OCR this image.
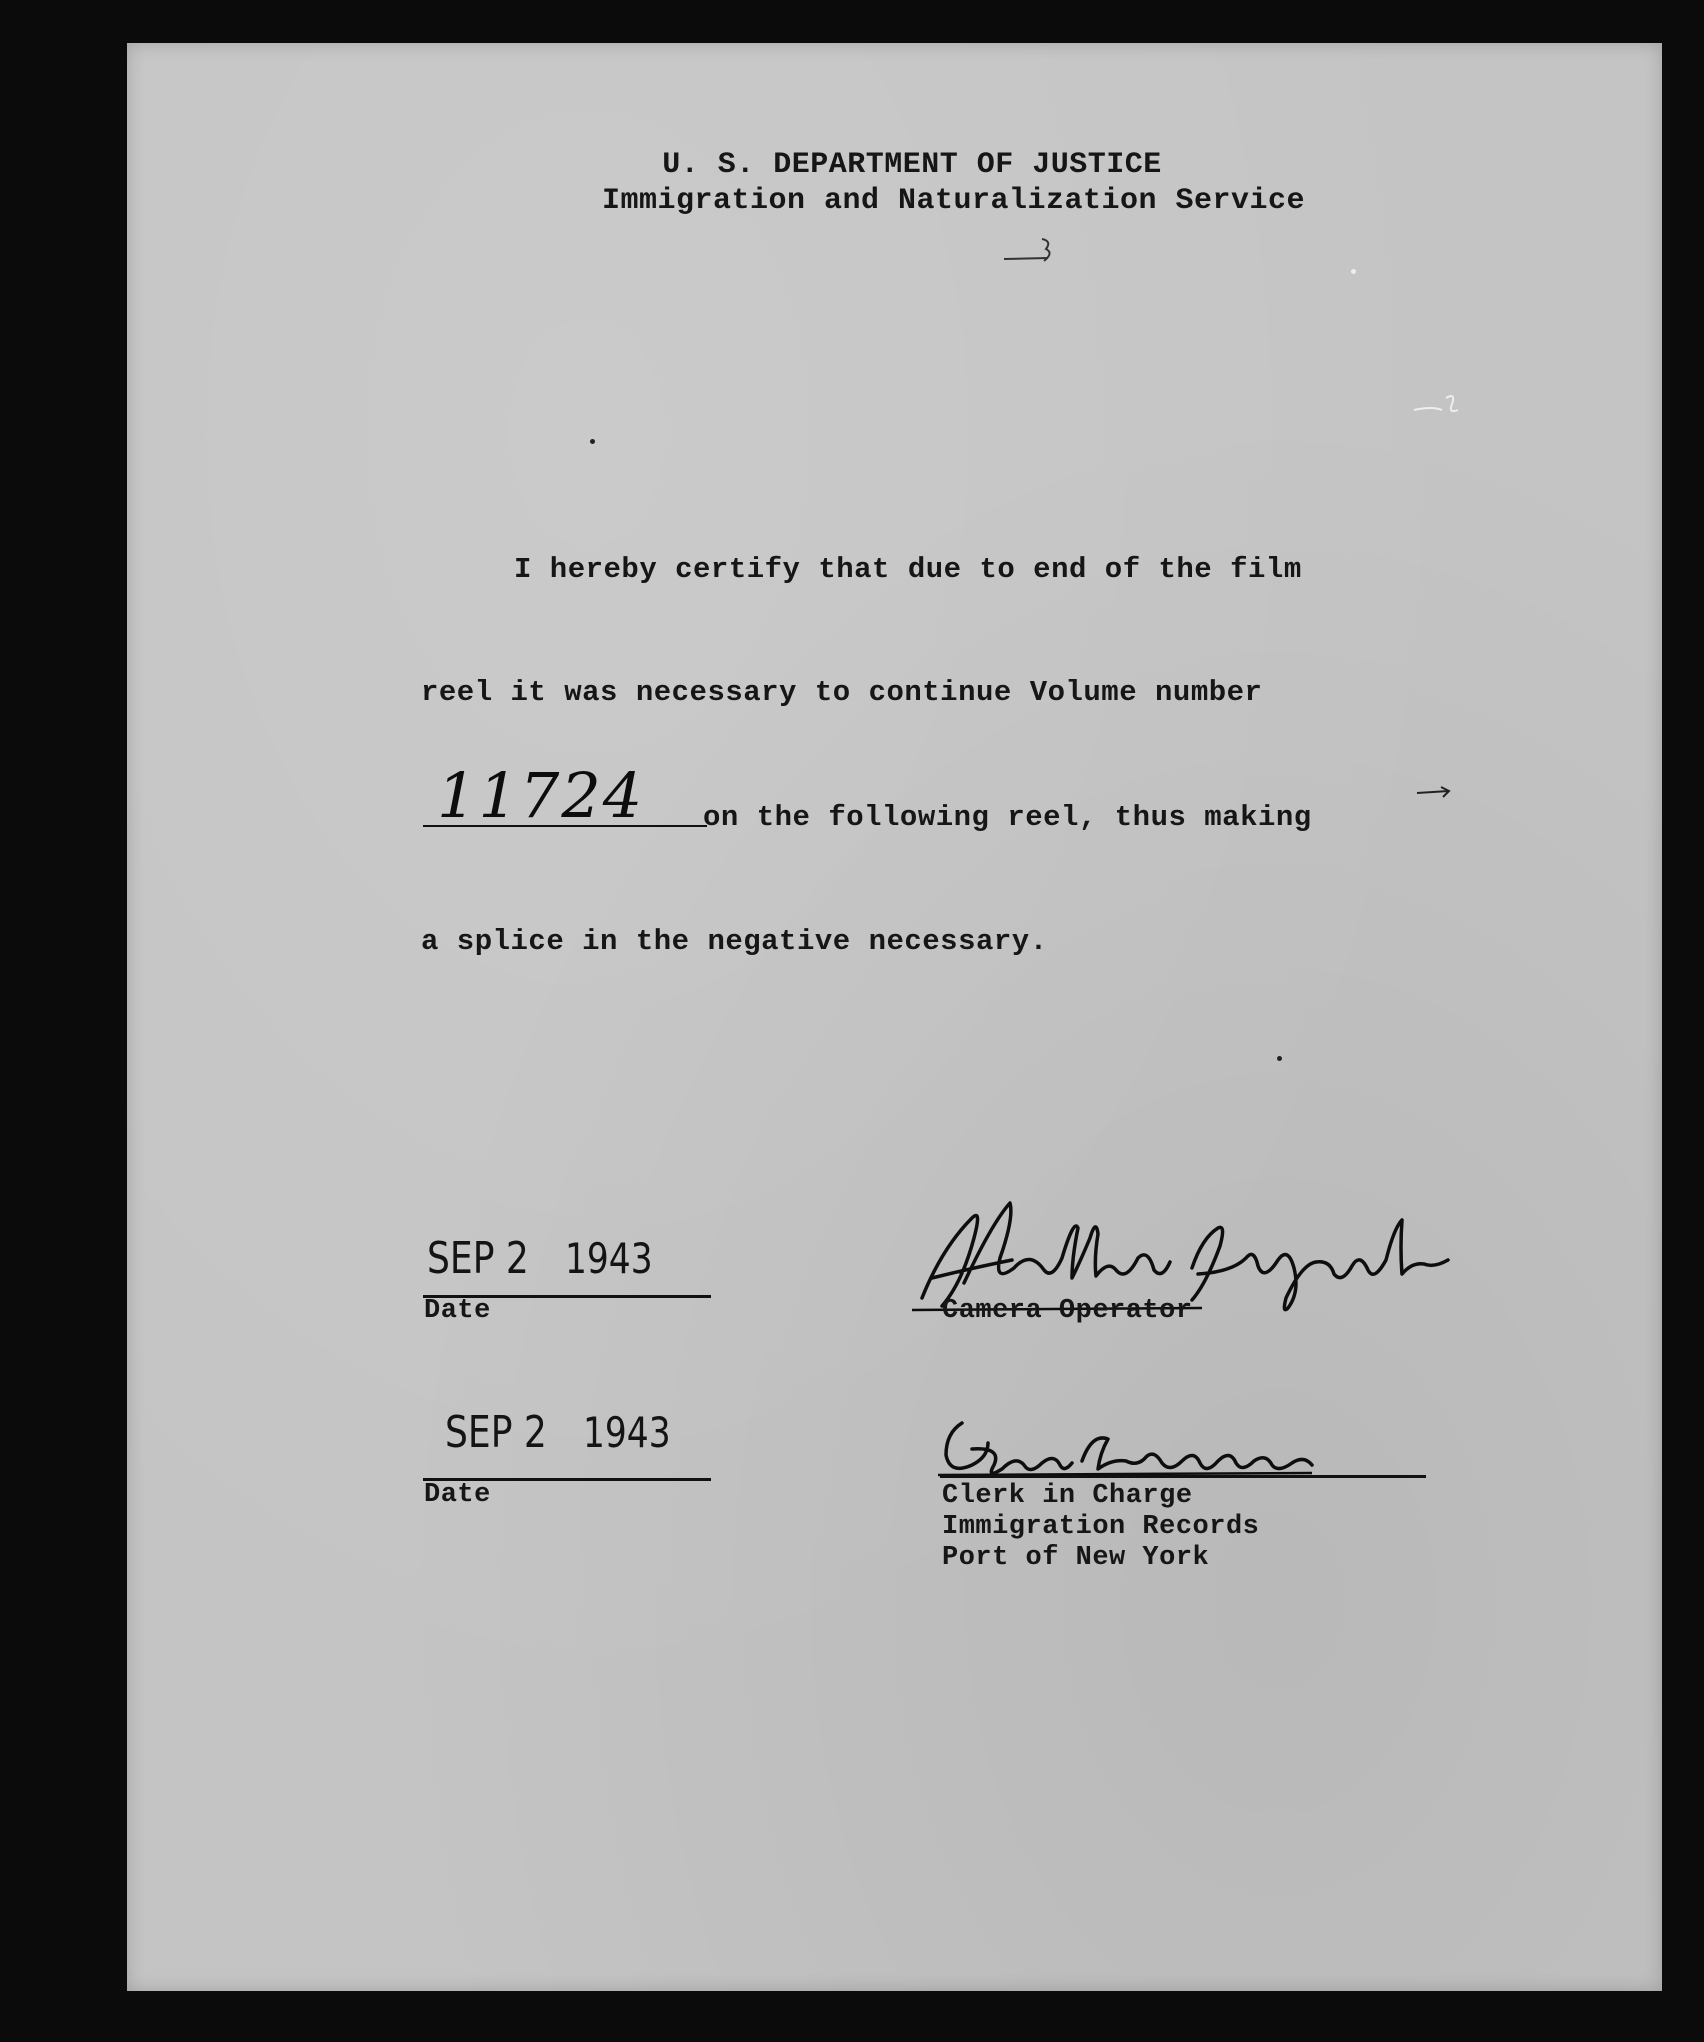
U. S. DEPARTMENT OF JUSTICE
Immigration and Naturalization Service
I hereby certify that due to end of the film
reel it was necessary to continue Volume number
11724	on the following reel, thus making
a splice in the negative necessary.
SEP 2 1943
Date	Camera Operator
SEP 2 1943
Date	Clerk in Charge
Immigration Records
Port of New York
